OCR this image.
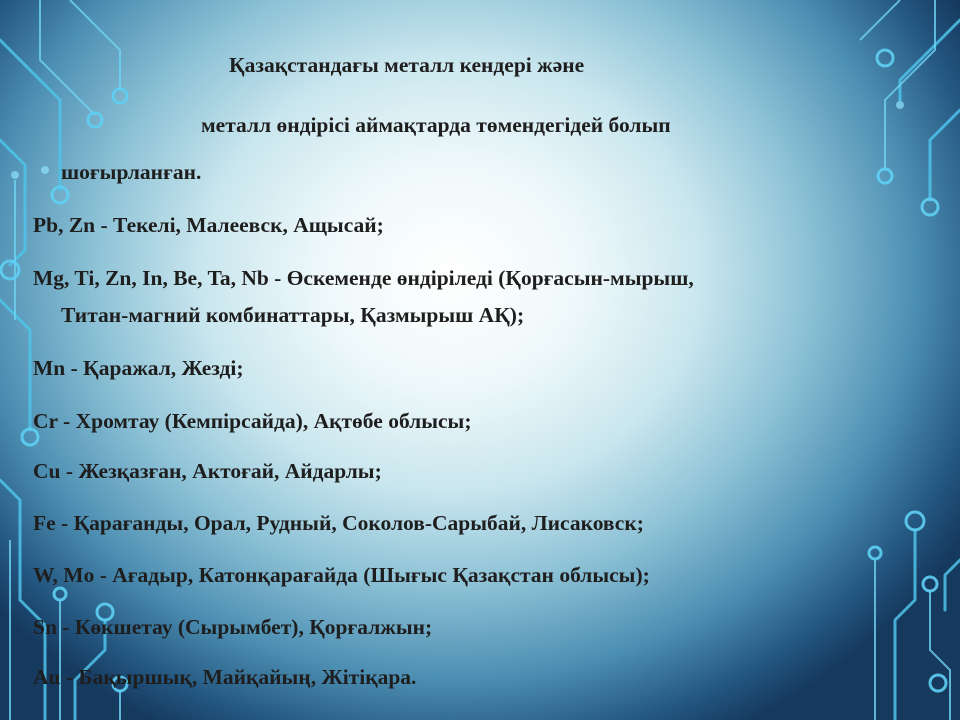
Қазақстандағы металл кендері және

металл өндірісі аймақтарда төмендегідей болып

шоғырланған.

Pb, Zn - Текелі, Малеевск, Ащысай;

Mg, Ti, Zn, In, Be, Ta, Nb - Өскеменде өндіріледі (Қорғасын-мырыш,

Титан-магний комбинаттары, Қазмырыш АҚ);

Mn - Қаражал, Жезді;

Cr - Хромтау (Кемпірсайда), Ақтөбе облысы;

Cu - Жезқазған, Актоғай, Айдарлы;

Fe - Қарағанды, Орал, Рудный, Соколов-Сарыбай, Лисаковск;

W, Mo - Ағадыр, Катонқарағайда (Шығыс Қазақстан облысы);

Sn - Көкшетау (Сырымбет), Қорғалжын;

Au - Бақыршық, Майқайың, Жітіқара.
